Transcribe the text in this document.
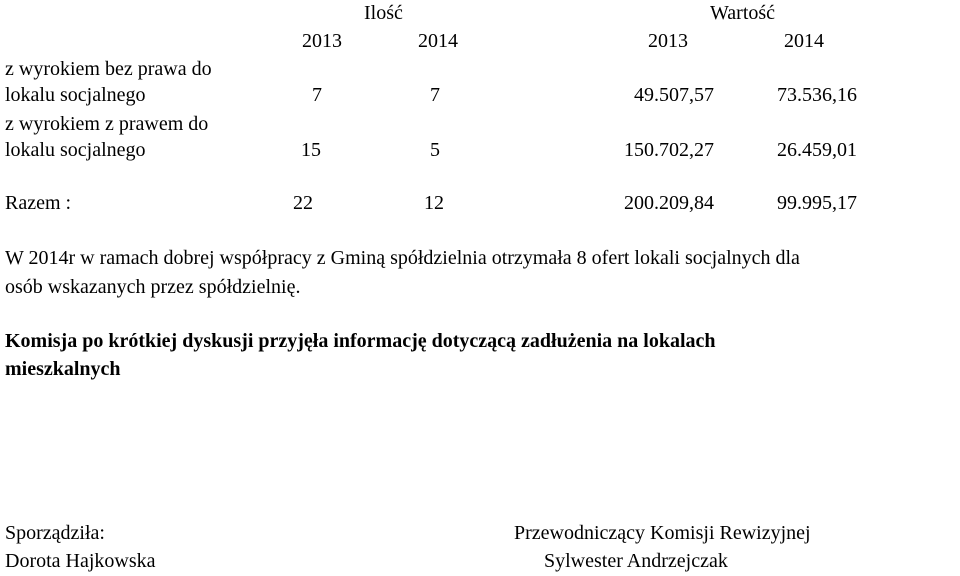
Ilość	Wartość
2013	2014	2013	2014
z wyrokiem bez prawa do
lokalu socjalnego	7	7	49.507,57	73.536,16
z wyrokiem z prawem do
lokalu socjalnego	15	5	150.702,27	26.459,01
Razem :	22	12	200.209,84	99.995,17
W 2014r w ramach dobrej współpracy z Gminą spółdzielnia otrzymała 8 ofert lokali socjalnych dla
osób wskazanych przez spółdzielnię.
Komisja po krótkiej dyskusji przyjęła informację dotyczącą zadłużenia na lokalach
mieszkalnych
Sporządziła:
Dorota Hajkowska
Przewodniczący Komisji Rewizyjnej
Sylwester Andrzejczak
